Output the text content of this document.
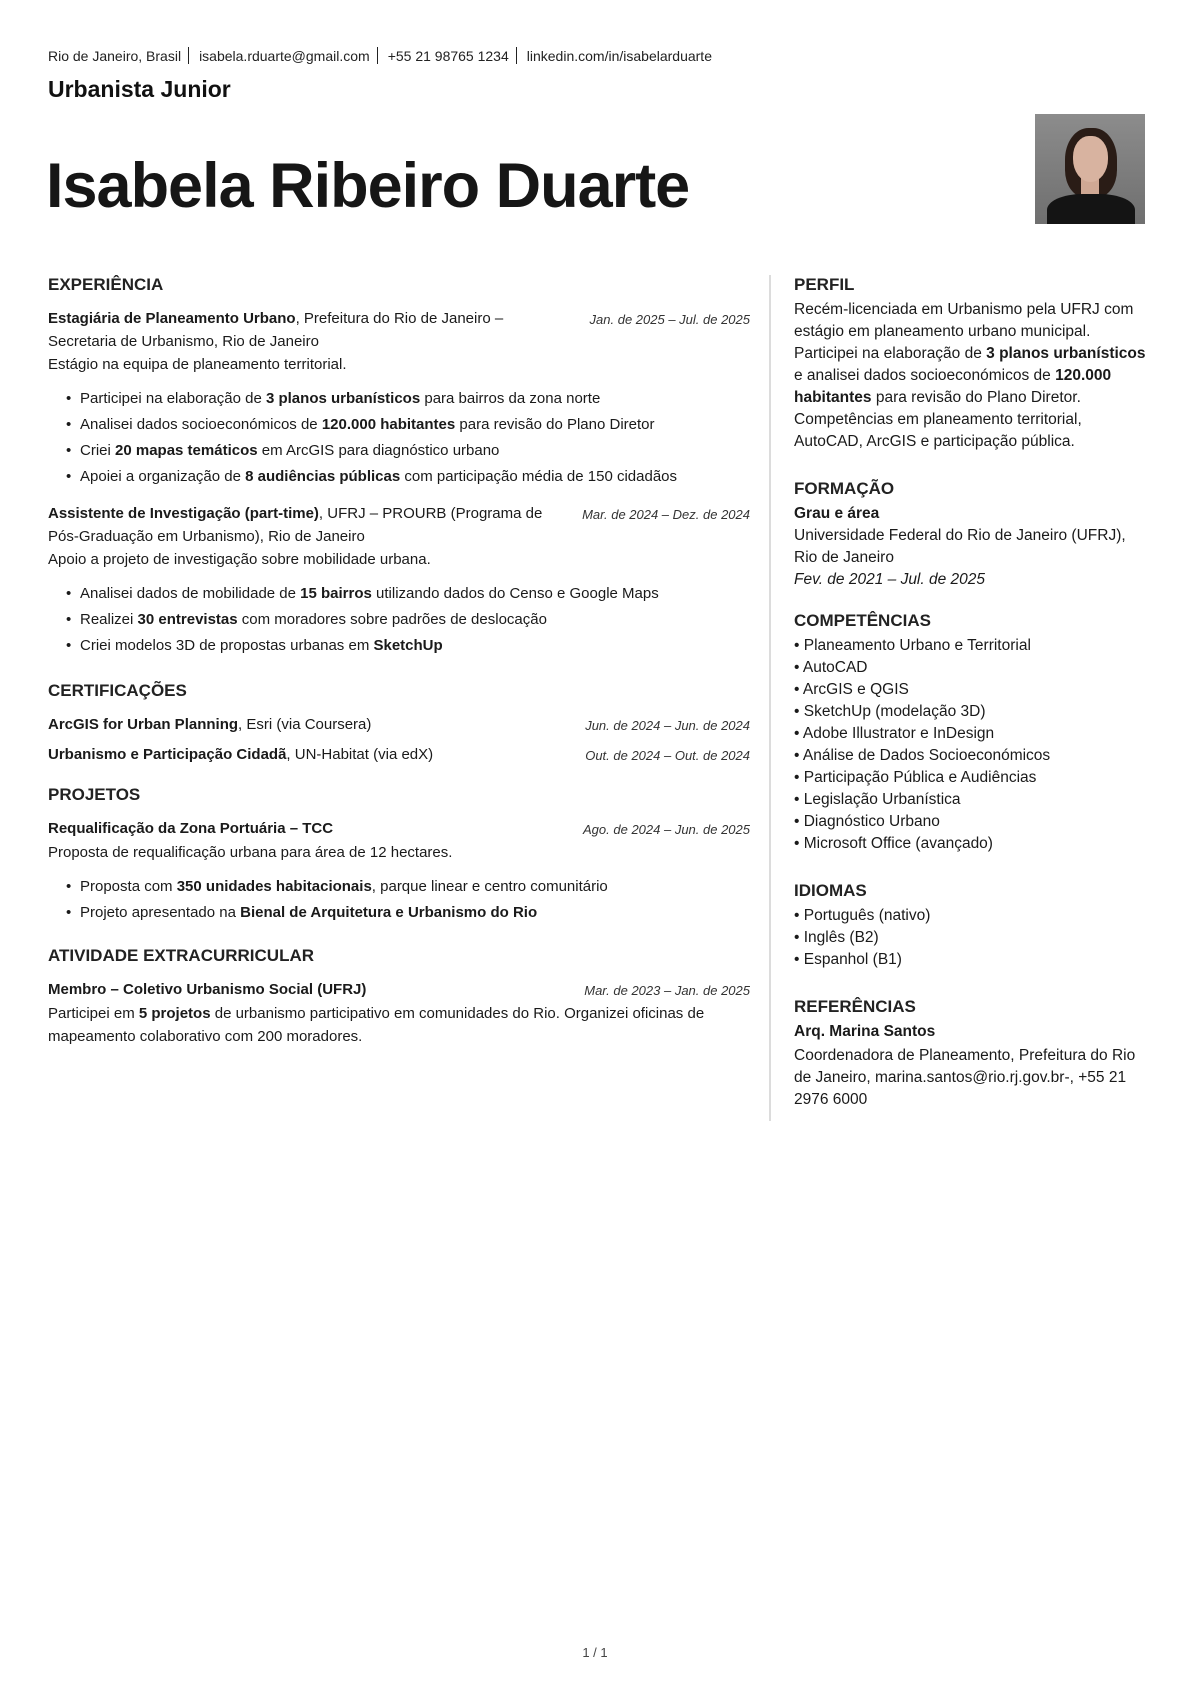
Rio de Janeiro, Brasil isabela.rduarte@gmail.com +55 21 98765 1234 linkedin.com/in/isabelarduarte
Urbanista Junior
Isabela Ribeiro Duarte
EXPERIÊNCIA
Estagiária de Planeamento Urbano, Prefeitura do Rio de Janeiro – Secretaria de Urbanismo, Rio de Janeiro
Jan. de 2025 – Jul. de 2025
Estágio na equipa de planeamento territorial.
• Participei na elaboração de 3 planos urbanísticos para bairros da zona norte
• Analisei dados socioeconómicos de 120.000 habitantes para revisão do Plano Diretor
• Criei 20 mapas temáticos em ArcGIS para diagnóstico urbano
• Apoiei a organização de 8 audiências públicas com participação média de 150 cidadãos
Assistente de Investigação (part-time), UFRJ – PROURB (Programa de Pós-Graduação em Urbanismo), Rio de Janeiro
Mar. de 2024 – Dez. de 2024
Apoio a projeto de investigação sobre mobilidade urbana.
• Analisei dados de mobilidade de 15 bairros utilizando dados do Censo e Google Maps
• Realizei 30 entrevistas com moradores sobre padrões de deslocação
• Criei modelos 3D de propostas urbanas em SketchUp
CERTIFICAÇÕES
ArcGIS for Urban Planning, Esri (via Coursera)	Jun. de 2024 – Jun. de 2024
Urbanismo e Participação Cidadã, UN-Habitat (via edX)	Out. de 2024 – Out. de 2024
PROJETOS
Requalificação da Zona Portuária – TCC	Ago. de 2024 – Jun. de 2025
Proposta de requalificação urbana para área de 12 hectares.
• Proposta com 350 unidades habitacionais, parque linear e centro comunitário
• Projeto apresentado na Bienal de Arquitetura e Urbanismo do Rio
ATIVIDADE EXTRACURRICULAR
Membro – Coletivo Urbanismo Social (UFRJ)	Mar. de 2023 – Jan. de 2025
Participei em 5 projetos de urbanismo participativo em comunidades do Rio. Organizei oficinas de mapeamento colaborativo com 200 moradores.
PERFIL
Recém-licenciada em Urbanismo pela UFRJ com estágio em planeamento urbano municipal. Participei na elaboração de 3 planos urbanísticos e analisei dados socioeconómicos de 120.000 habitantes para revisão do Plano Diretor. Competências em planeamento territorial, AutoCAD, ArcGIS e participação pública.
FORMAÇÃO
Grau e área
Universidade Federal do Rio de Janeiro (UFRJ), Rio de Janeiro
Fev. de 2021 – Jul. de 2025
COMPETÊNCIAS
• Planeamento Urbano e Territorial
• AutoCAD
• ArcGIS e QGIS
• SketchUp (modelação 3D)
• Adobe Illustrator e InDesign
• Análise de Dados Socioeconómicos
• Participação Pública e Audiências
• Legislação Urbanística
• Diagnóstico Urbano
• Microsoft Office (avançado)
IDIOMAS
• Português (nativo)
• Inglês (B2)
• Espanhol (B1)
REFERÊNCIAS
Arq. Marina Santos
Coordenadora de Planeamento, Prefeitura do Rio de Janeiro, marina.santos@rio.rj.gov.br-, +55 21 2976 6000
1 / 1
